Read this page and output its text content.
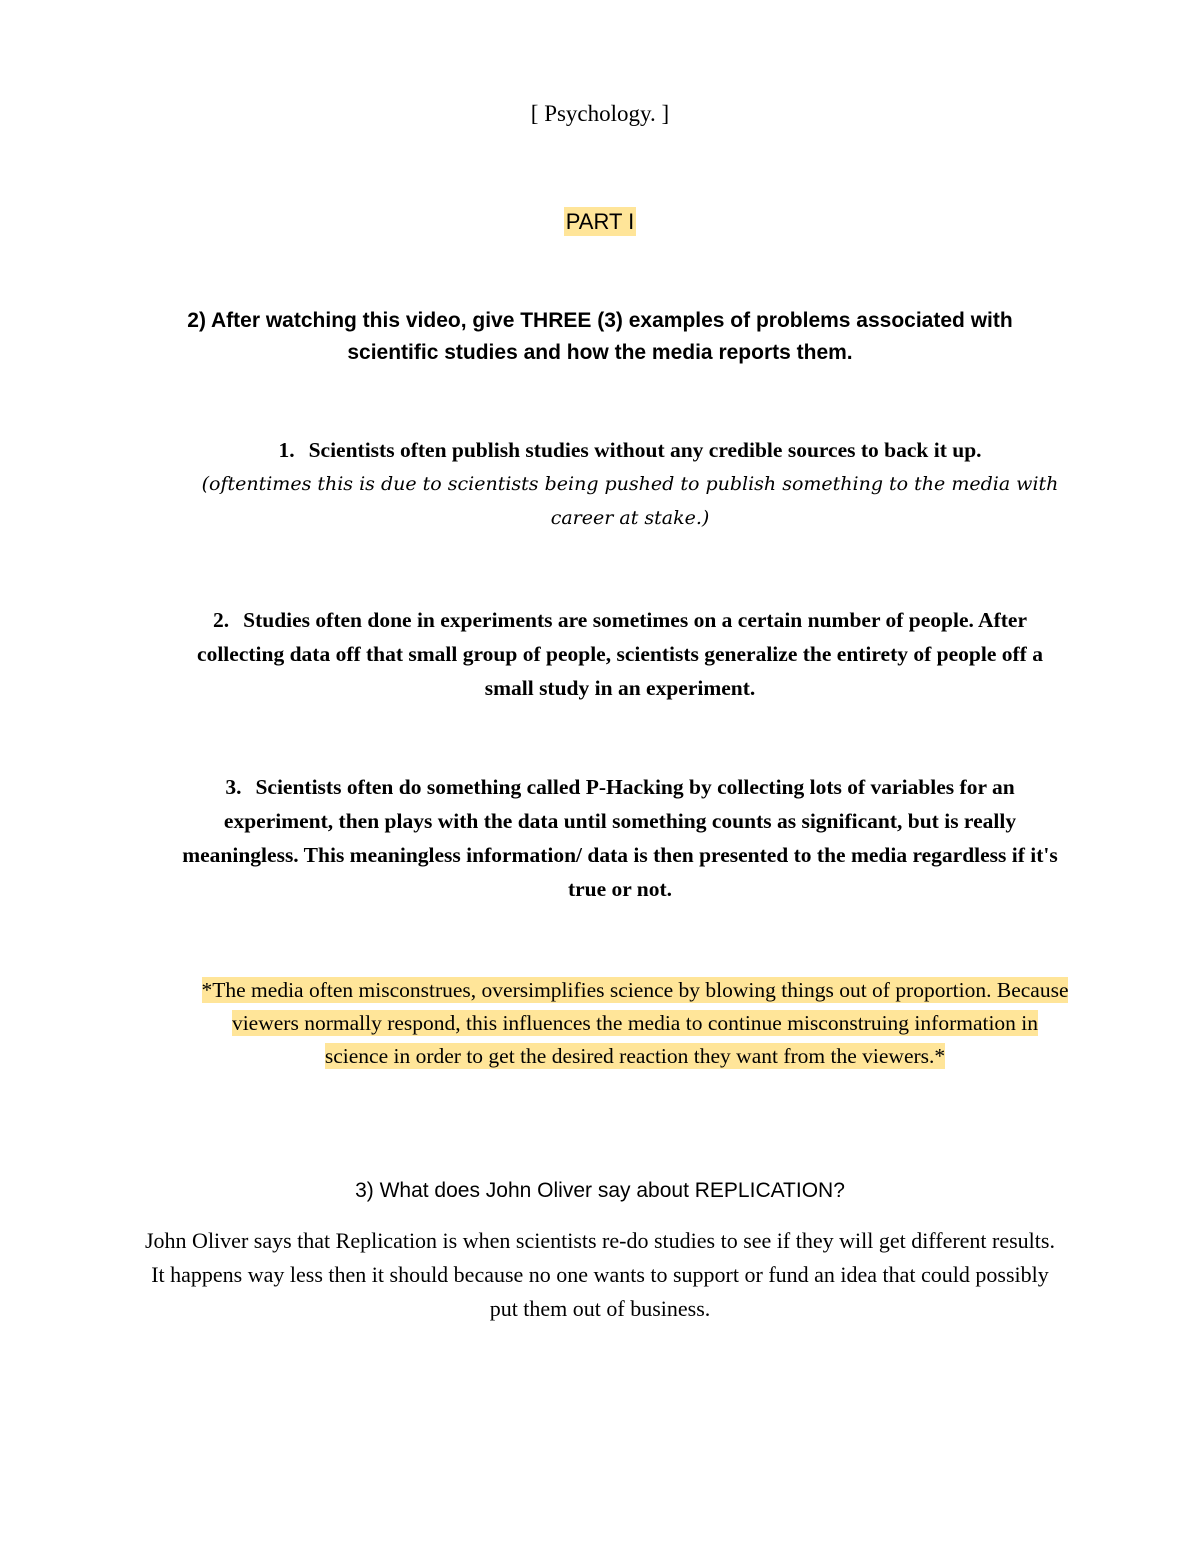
[ Psychology. ]
PART I
2) After watching this video, give THREE (3) examples of problems associated with scientific studies and how the media reports them.
1. Scientists often publish studies without any credible sources to back it up.
(oftentimes this is due to scientists being pushed to publish something to the media with career at stake.)
2. Studies often done in experiments are sometimes on a certain number of people. After collecting data off that small group of people, scientists generalize the entirety of people off a small study in an experiment.
3. Scientists often do something called P-Hacking by collecting lots of variables for an experiment, then plays with the data until something counts as significant, but is really meaningless. This meaningless information/ data is then presented to the media regardless if it's true or not.
*The media often misconstrues, oversimplifies science by blowing things out of proportion. Because viewers normally respond, this influences the media to continue misconstruing information in science in order to get the desired reaction they want from the viewers.*
3) What does John Oliver say about REPLICATION?
John Oliver says that Replication is when scientists re-do studies to see if they will get different results. It happens way less then it should because no one wants to support or fund an idea that could possibly put them out of business.
